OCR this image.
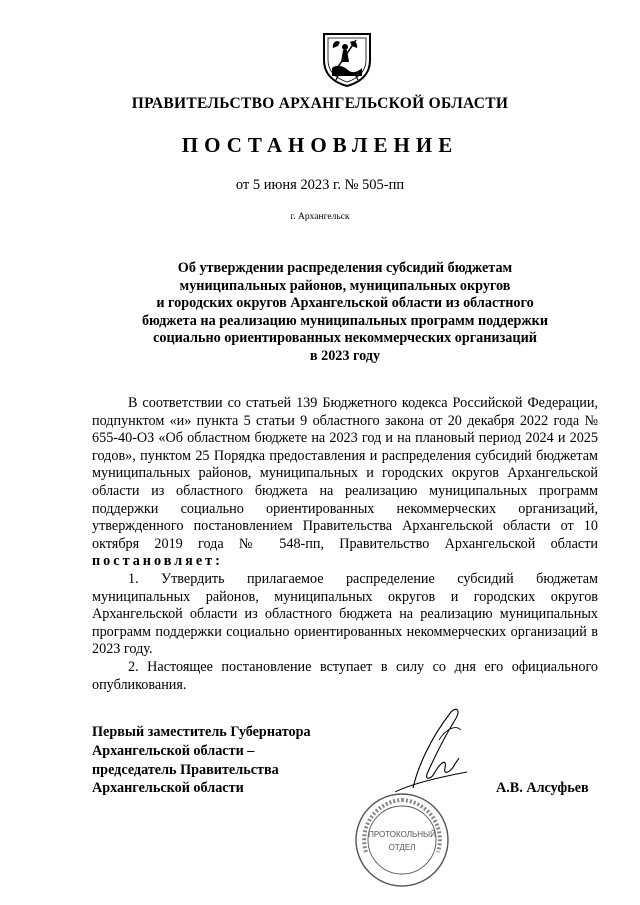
ПРАВИТЕЛЬСТВО АРХАНГЕЛЬСКОЙ ОБЛАСТИ
ПОСТАНОВЛЕНИЕ
от 5 июня 2023 г. № 505-пп
г. Архангельск
Об утверждении распределения субсидий бюджетам
муниципальных районов, муниципальных округов
и городских округов Архангельской области из областного
бюджета на реализацию муниципальных программ поддержки
социально ориентированных некоммерческих организаций
в 2023 году

В соответствии со статьей 139 Бюджетного кодекса Российской Федерации, подпунктом «и» пункта 5 статьи 9 областного закона от 20 декабря 2022 года № 655-40-ОЗ «Об областном бюджете на 2023 год и на плановый период 2024 и 2025 годов», пунктом 25 Порядка предоставления и распределения субсидий бюджетам муниципальных районов, муниципальных и городских округов Архангельской области из областного бюджета на реализацию муниципальных программ поддержки социально ориентированных некоммерческих организаций, утвержденного постановлением Правительства Архангельской области от 10 октября 2019 года № 548-пп, Правительство Архангельской области постановляет:

1. Утвердить прилагаемое распределение субсидий бюджетам муниципальных районов, муниципальных округов и городских округов Архангельской области из областного бюджета на реализацию муниципальных программ поддержки социально ориентированных некоммерческих организаций в 2023 году.

2. Настоящее постановление вступает в силу со дня его официального опубликования.

Первый заместитель Губернатора
Архангельской области –
председатель Правительства
Архангельской области	А.В. Алсуфьев
ПРОТОКОЛЬНЫЙ
ОТДЕЛ
